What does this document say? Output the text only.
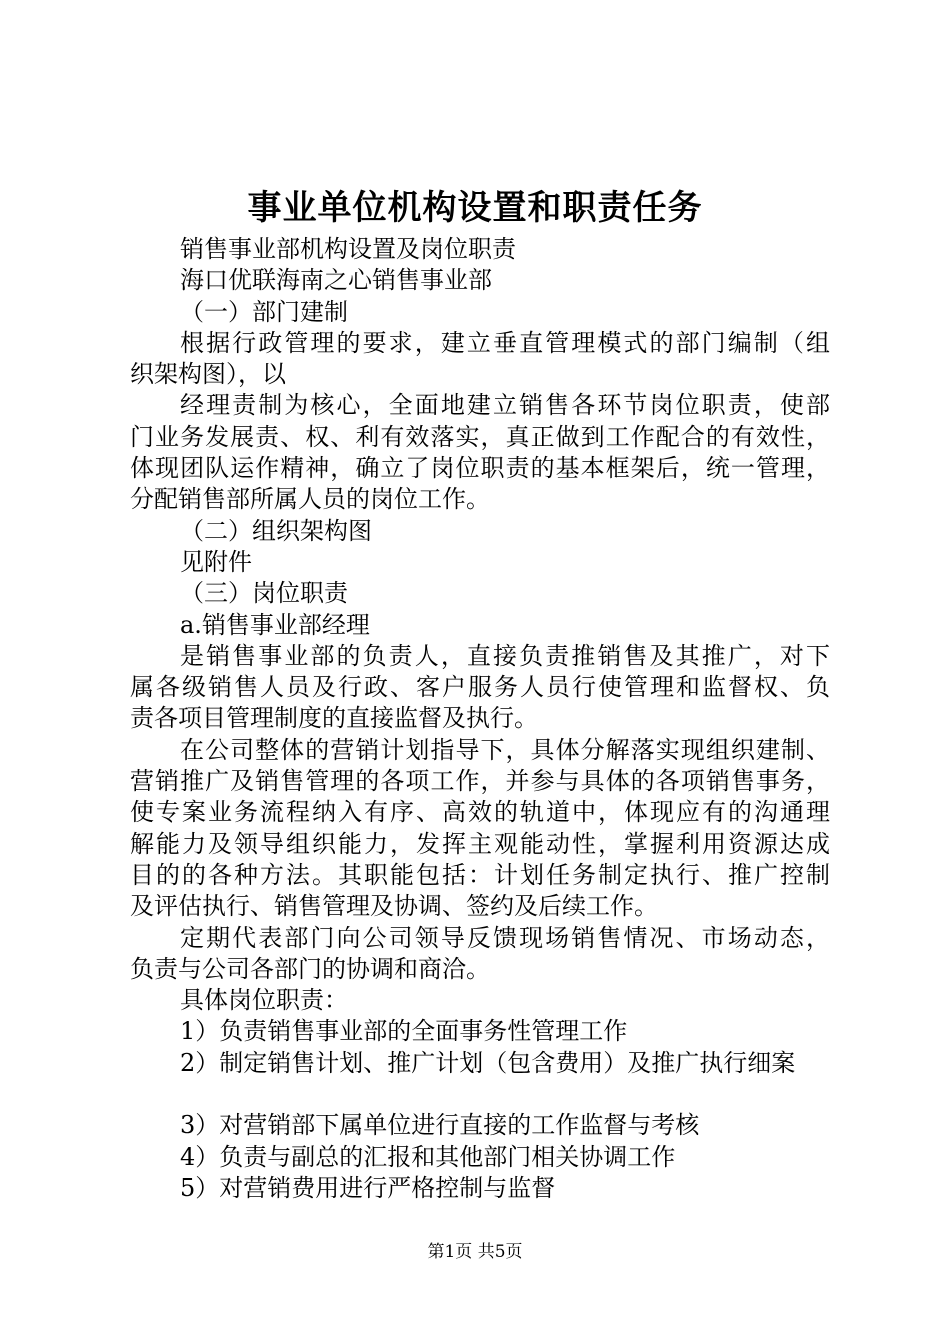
事业单位机构设置和职责任务
销售事业部机构设置及岗位职责
海口优联海南之心销售事业部
（一）部门建制
根据行政管理的要求，建立垂直管理模式的部门编制（组
织架构图），以
经理责制为核心，全面地建立销售各环节岗位职责，使部
门业务发展责、权、利有效落实，真正做到工作配合的有效性，
体现团队运作精神，确立了岗位职责的基本框架后，统一管理，
分配销售部所属人员的岗位工作。
（二）组织架构图
见附件
（三）岗位职责
a.销售事业部经理
是销售事业部的负责人，直接负责推销售及其推广，对下
属各级销售人员及行政、客户服务人员行使管理和监督权、负
责各项目管理制度的直接监督及执行。
在公司整体的营销计划指导下，具体分解落实现组织建制、
营销推广及销售管理的各项工作，并参与具体的各项销售事务，
使专案业务流程纳入有序、高效的轨道中，体现应有的沟通理
解能力及领导组织能力，发挥主观能动性，掌握利用资源达成
目的的各种方法。其职能包括：计划任务制定执行、推广控制
及评估执行、销售管理及协调、签约及后续工作。
定期代表部门向公司领导反馈现场销售情况、市场动态，
负责与公司各部门的协调和商洽。
具体岗位职责：
1）负责销售事业部的全面事务性管理工作
2）制定销售计划、推广计划（包含费用）及推广执行细案
3）对营销部下属单位进行直接的工作监督与考核
4）负责与副总的汇报和其他部门相关协调工作
5）对营销费用进行严格控制与监督
第1页 共5页
